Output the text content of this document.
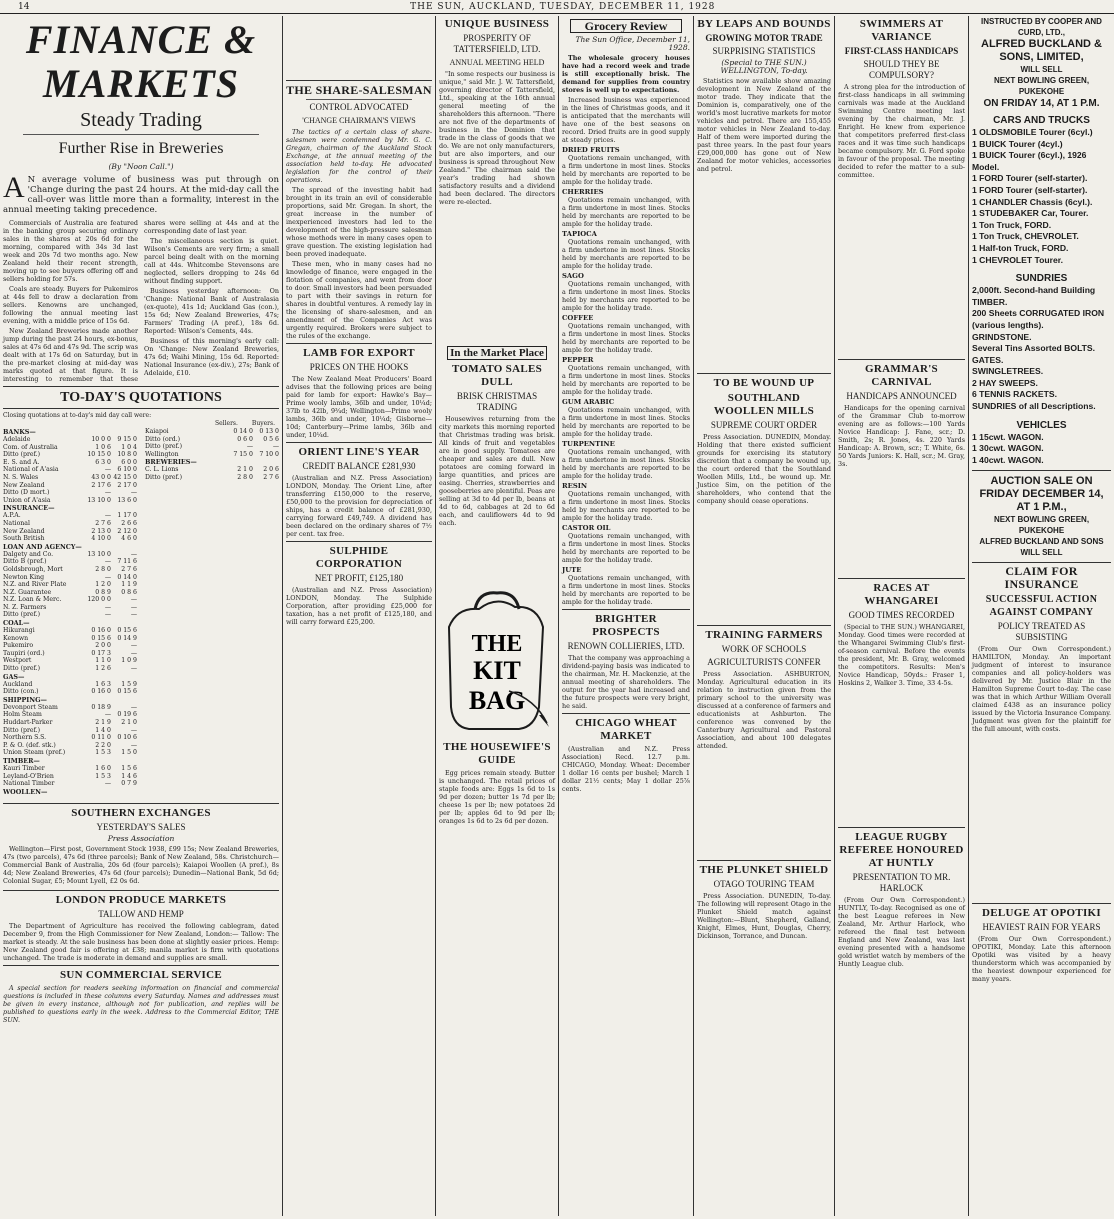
14	THE SUN, AUCKLAND, TUESDAY, DECEMBER 11, 1928
FINANCE & MARKETS
Steady Trading
Further Rise in Breweries
(By "Noon Call.")
A N average volume of business was put through on 'Change during the past 24 hours. At the mid-day call the call-over was little more than a formality, interest in the annual meeting taking precedence.
Commercials of Australia are featured in the banking group securing ordinary sales in the shares at 20s 6d for the morning, compared with 34s 3d last week and 20s 7d two months ago. New Zealand held their recent strength, moving up to see buyers offering off and sellers holding for 57s.
Coals are steady. Buyers for Pukemiros at 44s fell to draw a declaration from sellers. Kenowns are unchanged, following the annual meeting last evening, with a middle price of 15s 6d.
New Zealand Breweries made another jump during the past 24 hours, ex-bonus, sales at 47s 6d and 47s 9d. The scrip was dealt with at 17s 6d on Saturday, but in the pre-market closing at mid-day was marks quoted at that figure. It is interesting to remember that these shares were selling at 44s and at the corresponding date of last year.
The miscellaneous section is quiet. Wilson's Cements are very firm; a small parcel being dealt with on the morning call at 44s. Whitcombe Stevensons are neglected, sellers dropping to 24s 6d without finding support.
Business yesterday afternoon: On 'Change: National Bank of Australasia (ex-quote), 41s 1d; Auckland Gas (con.), 15s 6d; New Zealand Breweries, 47s; Farmers' Trading (A pref.), 18s 6d. Reported: Wilson's Cements, 44s.
Business of this morning's early call: On 'Change: New Zealand Breweries, 47s 6d; Waihi Mining, 15s 6d. Reported: National Insurance (ex-div.), 27s; Bank of Adelaide, £10.
TO-DAY'S QUOTATIONS
Closing quotations at to-day's mid day call were:
Sellers. Buyers.
BANKS—
Adelaide	10 0 0	9 15 0
Com. of Australia	1 0 6	1 0 4
Ditto (pref.)	10 15 0	10 8 0
E. S. and A.	6 3 0	6 0 0
National of A'asia	—	6 10 0
N. S. Wales	43 0 0 42 15 0
New Zealand	2 17 6	2 17 0
Ditto (D mort.)	—	—
Union of A'asia	13 10 0	13 6 0
INSURANCE—
A.P.A.	—	1 17 0
National	2 7 6	2 6 6
New Zealand	2 13 0	2 12 0
South British	4 10 0	4 6 0
LOAN AND AGENCY—
Dalgety and Co.	13 10 0	—
Ditto B (pref.)	—	7 11 6
Goldsbrough, Mort	2 8 0	2 7 6
Newton King	—	0 14 0
N.Z. and River Plate	1 2 0	1 1 9
N.Z. Guarantee	0 8 9	0 8 6
N.Z. Loan & Merc.	120 0 0	—
N. Z. Farmers	—	—
Ditto (pref.)	—	—
COAL—
Hikurangi	0 16 0	0 15 6
Kenown	0 15 6	0 14 9
Pukemiro	2 0 0	—
Taupiri (ord.)	0 17 3	—
Westport	1 1 0	1 0 9
Ditto (pref.)	1 2 6	—
GAS—
Auckland	1 6 3	1 5 9
Ditto (con.)	0 16 0	0 15 6
SHIPPING—
Devonport Steam	0 18 9	—
Holm Steam	—	0 19 6
Huddart-Parker	2 1 9	2 1 0
Ditto (pref.)	1 4 0	—
Northern S.S.	0 11 0	0 10 6
P. & O. (def. stk.)	2 2 0	—
Union Steam (pref.)	1 5 3	1 5 0
TIMBER—
Kauri Timber	1 6 0	1 5 6
Leyland-O'Brien	1 5 3	1 4 6
National Timber	—	0 7 9
WOOLLEN—
Kaiapoi	0 14 0	0 13 0
Ditto (ord.)	0 6 0	0 5 6
Ditto (pref.)	—	—
Wellington	7 15 0	7 10 0
BREWERIES—
C. L. Lions	2 1 0	2 0 6
Ditto (pref.)	2 8 0	2 7 6
SOUTHERN EXCHANGES
YESTERDAY'S SALES
Press Association
Wellington—First post, Government Stock 1938, £99 15s; New Zealand Breweries, 47s (two parcels), 47s 6d (three parcels); Bank of New Zealand, 58s. Christchurch—Commercial Bank of Australia, 20s 6d (four parcels); Kaiapoi Woollen (A pref.), 8s 4d; New Zealand Breweries, 47s 6d (four parcels); Dunedin—National Bank, 5d 6d; Colonial Sugar, £5; Mount Lyell, £2 0s 6d.
LONDON PRODUCE MARKETS
TALLOW AND HEMP
The Department of Agriculture has received the following cablegram, dated December 9, from the High Commissioner for New Zealand, London:— Tallow: The market is steady. At the sale business has been done at slightly easier prices. Hemp: New Zealand good fair is offering at £38; manila market is firm with quotations unchanged. The trade is moderate in demand and supplies are small.
SUN COMMERCIAL SERVICE
A special section for readers seeking information on financial and commercial questions is included in these columns every Saturday. Names and addresses must be given in every instance, although not for publication, and replies will be published to questions early in the week. Address to the Commercial Editor, THE SUN.
THE SHARE-SALESMAN
CONTROL ADVOCATED
'CHANGE CHAIRMAN'S VIEWS
The tactics of a certain class of share-salesmen were condemned by Mr. G. C. Gregan, chairman of the Auckland Stock Exchange, at the annual meeting of the association held to-day. He advocated legislation for the control of their operations.
The spread of the investing habit had brought in its train an evil of considerable proportions, said Mr. Gregan. In short, the great increase in the number of inexperienced investors had led to the development of the high-pressure salesman whose methods were in many cases open to grave question. The existing legislation had been proved inadequate.
These men, who in many cases had no knowledge of finance, were engaged in the flotation of companies, and went from door to door. Small investors had been persuaded to part with their savings in return for shares in doubtful ventures. A remedy lay in the licensing of share-salesmen, and an amendment of the Companies Act was urgently required. Brokers were subject to the rules of the exchange.
LAMB FOR EXPORT
PRICES ON THE HOOKS
The New Zealand Meat Producers' Board advises that the following prices are being paid for lamb for export: Hawke's Bay—Prime wooly lambs, 36lb and under, 10¼d; 37lb to 42lb, 9¾d; Wellington—Prime wooly lambs, 36lb and under, 10¼d; Gisborne—10d; Canterbury—Prime lambs, 36lb and under, 10¼d.
ORIENT LINE'S YEAR
CREDIT BALANCE £281,930
(Australian and N.Z. Press Association) LONDON, Monday. The Orient Line, after transferring £150,000 to the reserve, £50,000 to the provision for depreciation of ships, has a credit balance of £281,930, carrying forward £49,749. A dividend has been declared on the ordinary shares of 7½ per cent. tax free.
SULPHIDE CORPORATION
NET PROFIT, £125,180
(Australian and N.Z. Press Association) LONDON, Monday. The Sulphide Corporation, after providing £25,000 for taxation, has a net profit of £125,180, and will carry forward £25,200.
UNIQUE BUSINESS
PROSPERITY OF TATTERSFIELD, LTD.
ANNUAL MEETING HELD
"In some respects our business is unique," said Mr. J. W. Tattersfield, governing director of Tattersfield, Ltd., speaking at the 16th annual general meeting of the shareholders this afternoon. "There are not five of the departments of business in the Dominion that trade in the class of goods that we do. We are not only manufacturers, but are also importers, and our business is spread throughout New Zealand." The chairman said the year's trading had shown satisfactory results and a dividend had been declared. The directors were re-elected.
In the Market Place
TOMATO SALES DULL
BRISK CHRISTMAS TRADING
Housewives returning from the city markets this morning reported that Christmas trading was brisk. All kinds of fruit and vegetables are in good supply. Tomatoes are cheaper and sales are dull. New potatoes are coming forward in large quantities, and prices are easing. Cherries, strawberries and gooseberries are plentiful. Peas are selling at 3d to 4d per lb, beans at 4d to 6d, cabbages at 2d to 6d each, and cauliflowers 4d to 9d each.
THE
KIT
BAG
THE HOUSEWIFE'S GUIDE
Egg prices remain steady. Butter is unchanged. The retail prices of staple foods are: Eggs 1s 6d to 1s 9d per dozen; butter 1s 7d per lb; cheese 1s per lb; new potatoes 2d per lb; apples 6d to 9d per lb; oranges 1s 6d to 2s 6d per dozen.
Grocery Review
The Sun Office, December 11, 1928.
The wholesale grocery houses have had a record week and trade is still exceptionally brisk. The demand for supplies from country stores is well up to expectations.
Increased business was experienced in the lines of Christmas goods, and it is anticipated that the merchants will have one of the best seasons on record. Dried fruits are in good supply at steady prices.
DRIED FRUITS
Quotations remain unchanged, with a firm undertone in most lines. Stocks held by merchants are reported to be ample for the holiday trade.
CHERRIES
Quotations remain unchanged, with a firm undertone in most lines. Stocks held by merchants are reported to be ample for the holiday trade.
TAPIOCA
Quotations remain unchanged, with a firm undertone in most lines. Stocks held by merchants are reported to be ample for the holiday trade.
SAGO
Quotations remain unchanged, with a firm undertone in most lines. Stocks held by merchants are reported to be ample for the holiday trade.
COFFEE
Quotations remain unchanged, with a firm undertone in most lines. Stocks held by merchants are reported to be ample for the holiday trade.
PEPPER
Quotations remain unchanged, with a firm undertone in most lines. Stocks held by merchants are reported to be ample for the holiday trade.
GUM ARABIC
Quotations remain unchanged, with a firm undertone in most lines. Stocks held by merchants are reported to be ample for the holiday trade.
TURPENTINE
Quotations remain unchanged, with a firm undertone in most lines. Stocks held by merchants are reported to be ample for the holiday trade.
RESIN
Quotations remain unchanged, with a firm undertone in most lines. Stocks held by merchants are reported to be ample for the holiday trade.
CASTOR OIL
Quotations remain unchanged, with a firm undertone in most lines. Stocks held by merchants are reported to be ample for the holiday trade.
JUTE
Quotations remain unchanged, with a firm undertone in most lines. Stocks held by merchants are reported to be ample for the holiday trade.
BRIGHTER PROSPECTS
RENOWN COLLIERIES, LTD.
That the company was approaching a dividend-paying basis was indicated to the chairman, Mr. H. Mackenzie, at the annual meeting of shareholders. The output for the year had increased and the future prospects were very bright, he said.
CHICAGO WHEAT MARKET
(Australian and N.Z. Press Association) Recd. 12.7 p.m. CHICAGO, Monday. Wheat: December 1 dollar 16 cents per bushel; March 1 dollar 21½ cents; May 1 dollar 25⅞ cents.
BY LEAPS AND BOUNDS
GROWING MOTOR TRADE
SURPRISING STATISTICS
(Special to THE SUN.) WELLINGTON, To-day.
Statistics now available show amazing development in New Zealand of the motor trade. They indicate that the Dominion is, comparatively, one of the world's most lucrative markets for motor vehicles and petrol. There are 155,455 motor vehicles in New Zealand to-day. Half of them were imported during the past three years. In the past four years £29,000,000 has gone out of New Zealand for motor vehicles, accessories and petrol.
TO BE WOUND UP
SOUTHLAND WOOLLEN MILLS
SUPREME COURT ORDER
Press Association. DUNEDIN, Monday. Holding that there existed sufficient grounds for exercising its statutory discretion that a company be wound up, the court ordered that the Southland Woollen Mills, Ltd., be wound up. Mr. Justice Sim, on the petition of the shareholders, who contend that the company should cease operations.
TRAINING FARMERS
WORK OF SCHOOLS
AGRICULTURISTS CONFER
Press Association. ASHBURTON, Monday. Agricultural education in its relation to instruction given from the primary school to the university was discussed at a conference of farmers and educationists at Ashburton. The conference was convened by the Canterbury Agricultural and Pastoral Association, and about 100 delegates attended.
THE PLUNKET SHIELD
OTAGO TOURING TEAM
Press Association. DUNEDIN, To-day. The following will represent Otago in the Plunket Shield match against Wellington:—Blunt, Shepherd, Galland, Knight, Elmes, Hunt, Douglas, Cherry, Dickinson, Torrance, and Duncan.
SWIMMERS AT VARIANCE
FIRST-CLASS HANDICAPS
SHOULD THEY BE COMPULSORY?
A strong plea for the introduction of first-class handicaps in all swimming carnivals was made at the Auckland Swimming Centre meeting last evening by the chairman, Mr. J. Enright. He knew from experience that competitors preferred first-class races and it was time such handicaps became compulsory. Mr. G. Ford spoke in favour of the proposal. The meeting decided to refer the matter to a sub-committee.
GRAMMAR'S CARNIVAL
HANDICAPS ANNOUNCED
Handicaps for the opening carnival of the Grammar Club to-morrow evening are as follows:—100 Yards Novice Handicap: J. Fane, scr.; D. Smith, 2s; R. Jones, 4s. 220 Yards Handicap: A. Brown, scr.; T. White, 6s. 50 Yards Juniors: K. Hall, scr.; M. Gray, 3s.
RACES AT WHANGAREI
GOOD TIMES RECORDED
(Special to THE SUN.) WHANGAREI, Monday. Good times were recorded at the Whangarei Swimming Club's first-of-season carnival. Before the events the president, Mr. B. Gray, welcomed the competitors. Results: Men's Novice Handicap, 50yds.: Fraser 1, Hoskins 2, Walker 3. Time, 33 4-5s.
LEAGUE RUGBY REFEREE HONOURED AT HUNTLY
PRESENTATION TO MR. HARLOCK
(From Our Own Correspondent.) HUNTLY, To-day. Recognised as one of the best League referees in New Zealand, Mr. Arthur Harlock, who refereed the final test between England and New Zealand, was last evening presented with a handsome gold wristlet watch by members of the Huntly League club.
INSTRUCTED BY COOPER AND CURD, LTD.,
ALFRED BUCKLAND & SONS, LIMITED,
WILL SELL
NEXT BOWLING GREEN, PUKEKOHE
ON FRIDAY 14, AT 1 P.M.
CARS AND TRUCKS
1 OLDSMOBILE Tourer (6cyl.)
1 BUICK Tourer (4cyl.)
1 BUICK Tourer (6cyl.), 1926 Model.
1 FORD Tourer (self-starter).
1 FORD Tourer (self-starter).
1 CHANDLER Chassis (6cyl.).
1 STUDEBAKER Car, Tourer.
1 Ton Truck, FORD.
1 Ton Truck, CHEVROLET.
1 Half-ton Truck, FORD.
1 CHEVROLET Tourer.
SUNDRIES
2,000ft. Second-hand Building TIMBER.
200 Sheets CORRUGATED IRON (various lengths).
GRINDSTONE.
Several Tins Assorted BOLTS.
GATES.
SWINGLETREES.
2 HAY SWEEPS.
6 TENNIS RACKETS.
SUNDRIES of all Descriptions.
VEHICLES
1 15cwt. WAGON.
1 30cwt. WAGON.
1 40cwt. WAGON.
AUCTION SALE ON FRIDAY DECEMBER 14, AT 1 P.M.,
NEXT BOWLING GREEN, PUKEKOHE
ALFRED BUCKLAND AND SONS WILL SELL
CLAIM FOR INSURANCE
SUCCESSFUL ACTION AGAINST COMPANY
POLICY TREATED AS SUBSISTING
(From Our Own Correspondent.) HAMILTON, Monday. An important judgment of interest to insurance companies and all policy-holders was delivered by Mr. Justice Blair in the Hamilton Supreme Court to-day. The case was that in which Arthur William Overall claimed £438 as an insurance policy issued by the Victoria Insurance Company. Judgment was given for the plaintiff for the full amount, with costs.
DELUGE AT OPOTIKI
HEAVIEST RAIN FOR YEARS
(From Our Own Correspondent.) OPOTIKI, Monday. Late this afternoon Opotiki was visited by a heavy thunderstorm which was accompanied by the heaviest downpour experienced for many years.
